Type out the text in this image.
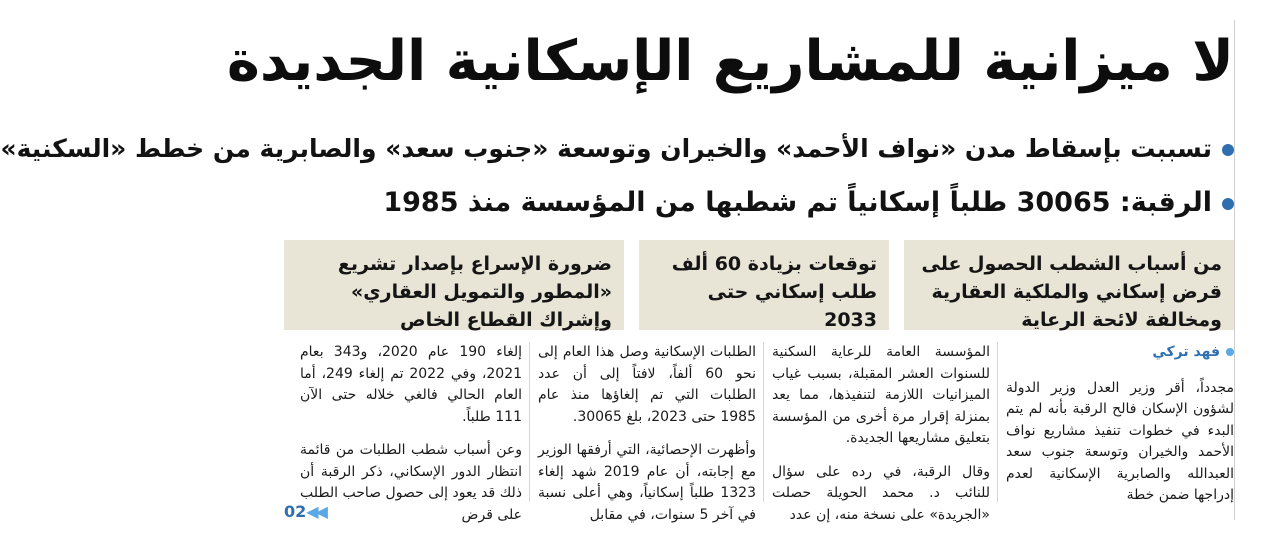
لا ميزانية للمشاريع الإسكانية الجديدة
تسببت بإسقاط مدن «نواف الأحمد» والخيران وتوسعة «جنوب سعد» والصابرية من خطط «السكنية»
الرقبة: 30065 طلباً إسكانياً تم شطبها من المؤسسة منذ 1985
من أسباب الشطب الحصول على قرض إسكاني والملكية العقارية ومخالفة لائحة الرعاية
توقعات بزيادة 60 ألف طلب إسكاني حتى 2033
ضرورة الإسراع بإصدار تشريع «المطور والتمويل العقاري» وإشراك القطاع الخاص
فهد تركي

مجدداً، أقر وزير العدل وزير الدولة لشؤون الإسكان فالح الرقبة بأنه لم يتم البدء في خطوات تنفيذ مشاريع نواف الأحمد والخيران وتوسعة جنوب سعد العبدالله والصابرية الإسكانية لعدم إدراجها ضمن خطة

المؤسسة العامة للرعاية السكنية للسنوات العشر المقبلة، بسبب غياب الميزانيات اللازمة لتنفيذها، مما يعد بمنزلة إقرار مرة أخرى من المؤسسة بتعليق مشاريعها الجديدة.

وقال الرقبة، في رده على سؤال للنائب د. محمد الحويلة حصلت «الجريدة» على نسخة منه، إن عدد

الطلبات الإسكانية وصل هذا العام إلى نحو 60 ألفاً، لافتاً إلى أن عدد الطلبات التي تم إلغاؤها منذ عام 1985 حتى 2023، بلغ 30065.

وأظهرت الإحصائية، التي أرفقها الوزير مع إجابته، أن عام 2019 شهد إلغاء 1323 طلباً إسكانياً، وهي أعلى نسبة في آخر 5 سنوات، في مقابل

إلغاء 190 عام 2020، و343 بعام 2021، وفي 2022 تم إلغاء 249، أما العام الحالي فالغي خلاله حتى الآن 111 طلباً.

وعن أسباب شطب الطلبات من قائمة انتظار الدور الإسكاني، ذكر الرقبة أن ذلك قد يعود إلى حصول صاحب الطلب على قرض

02◀◀
